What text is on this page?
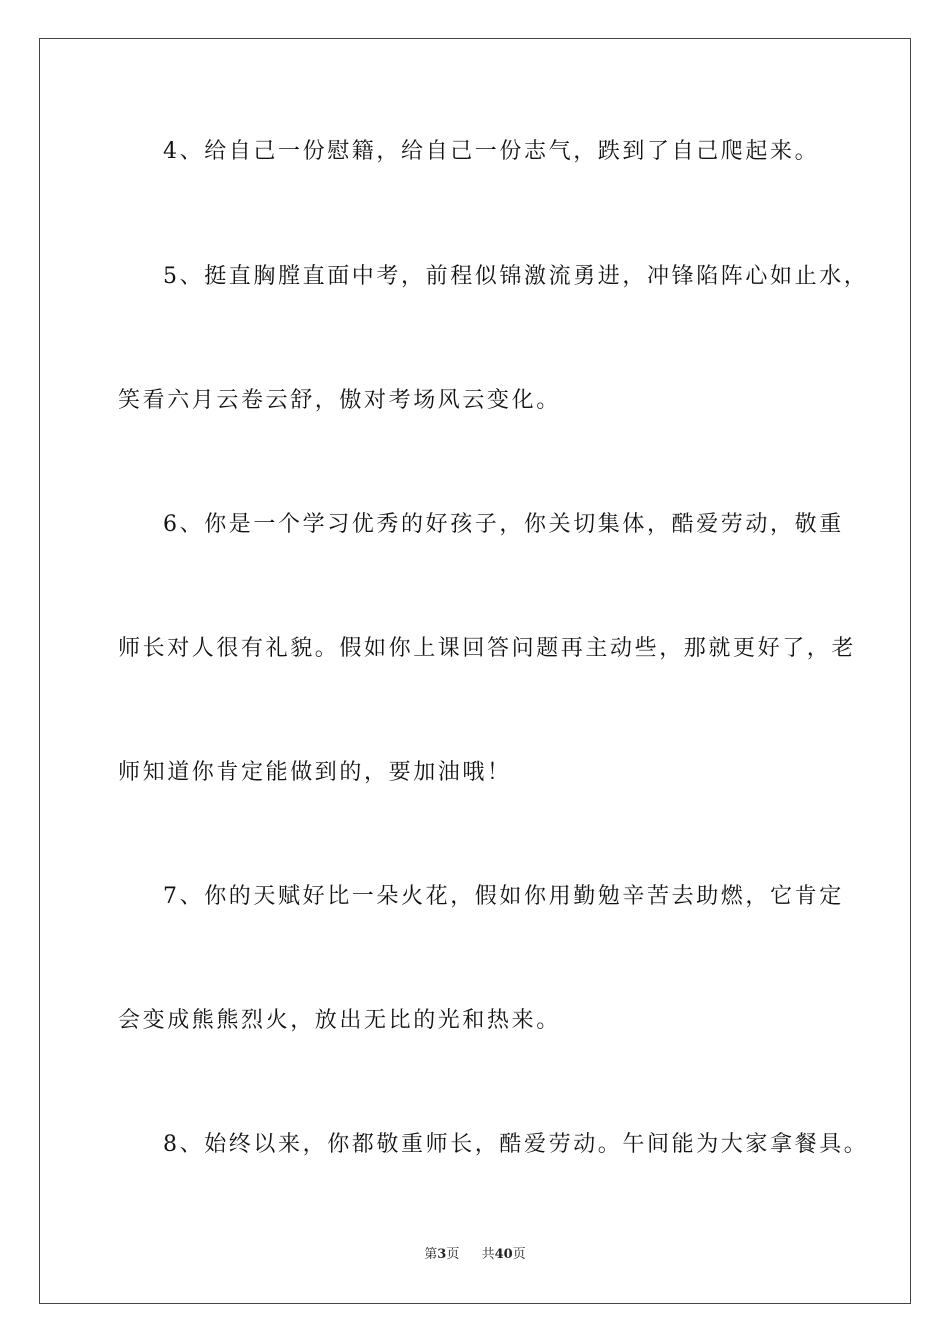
4、给自己一份慰籍，给自己一份志气，跌到了自己爬起来。
5、挺直胸膛直面中考，前程似锦激流勇进，冲锋陷阵心如止水，
笑看六月云卷云舒，傲对考场风云变化。
6、你是一个学习优秀的好孩子，你关切集体，酷爱劳动，敬重
师长对人很有礼貌。假如你上课回答问题再主动些，那就更好了，老
师知道你肯定能做到的，要加油哦！
7、你的天赋好比一朵火花，假如你用勤勉辛苦去助燃，它肯定
会变成熊熊烈火，放出无比的光和热来。
8、始终以来，你都敬重师长，酷爱劳动。午间能为大家拿餐具。
第3页 共40页
